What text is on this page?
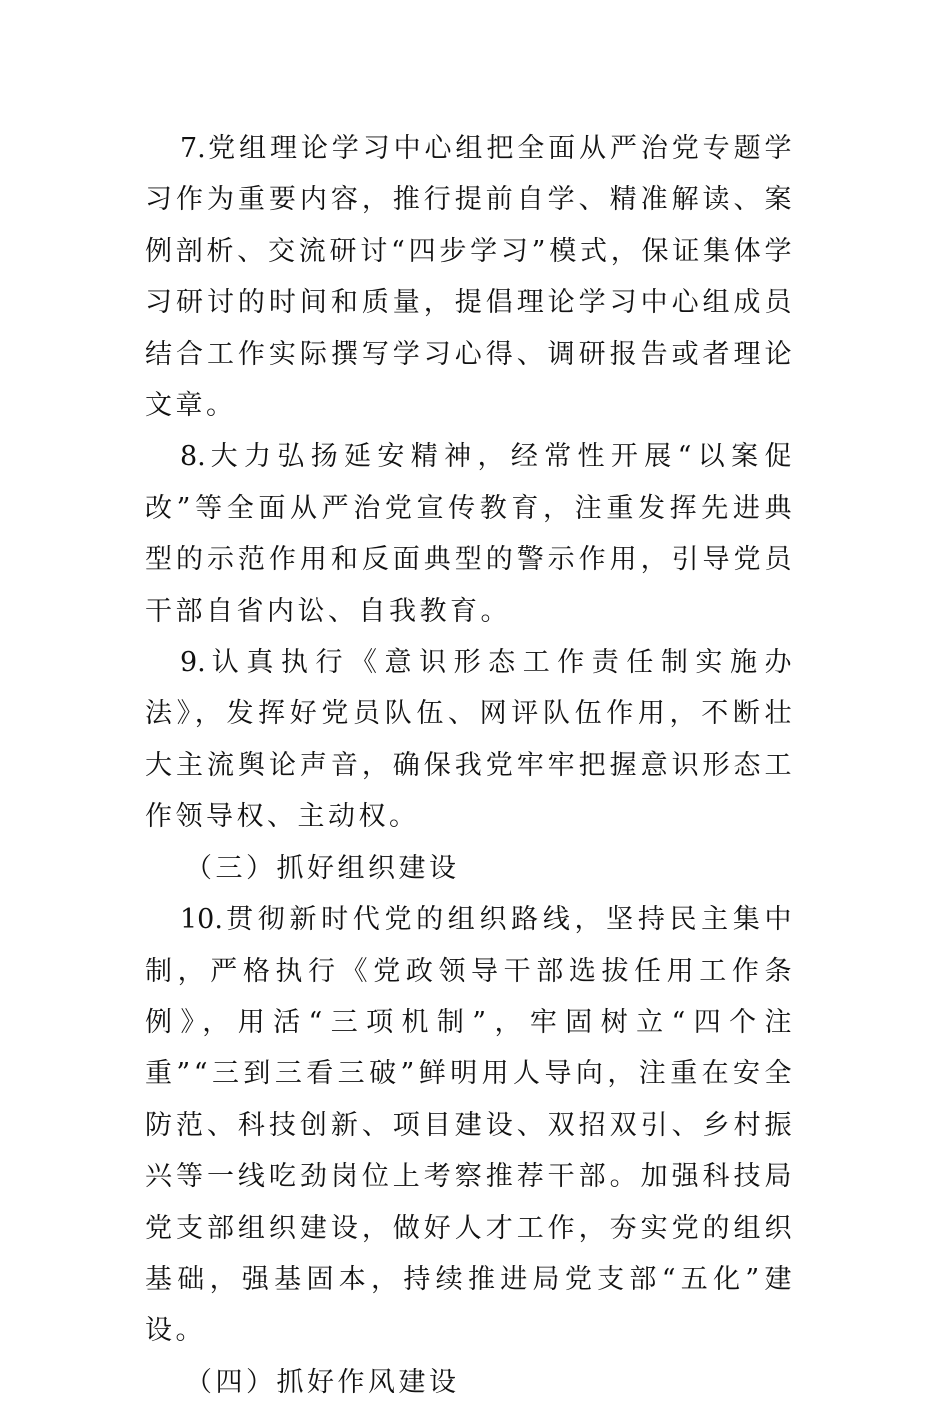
7.党组理论学习中心组把全面从严治党专题学习作为重要内容，推行提前自学、精准解读、案例剖析、交流研讨“四步学习”模式，保证集体学习研讨的时间和质量，提倡理论学习中心组成员结合工作实际撰写学习心得、调研报告或者理论文章。

8.大力弘扬延安精神，经常性开展“以案促改”等全面从严治党宣传教育，注重发挥先进典型的示范作用和反面典型的警示作用，引导党员干部自省内讼、自我教育。

9.认真执行《意识形态工作责任制实施办法》，发挥好党员队伍、网评队伍作用，不断壮大主流舆论声音，确保我党牢牢把握意识形态工作领导权、主动权。

（三）抓好组织建设

10.贯彻新时代党的组织路线，坚持民主集中制，严格执行《党政领导干部选拔任用工作条例》，用活“三项机制”，牢固树立“四个注重”“三到三看三破”鲜明用人导向，注重在安全防范、科技创新、项目建设、双招双引、乡村振兴等一线吃劲岗位上考察推荐干部。加强科技局党支部组织建设，做好人才工作，夯实党的组织基础，强基固本，持续推进局党支部“五化”建设。

（四）抓好作风建设
